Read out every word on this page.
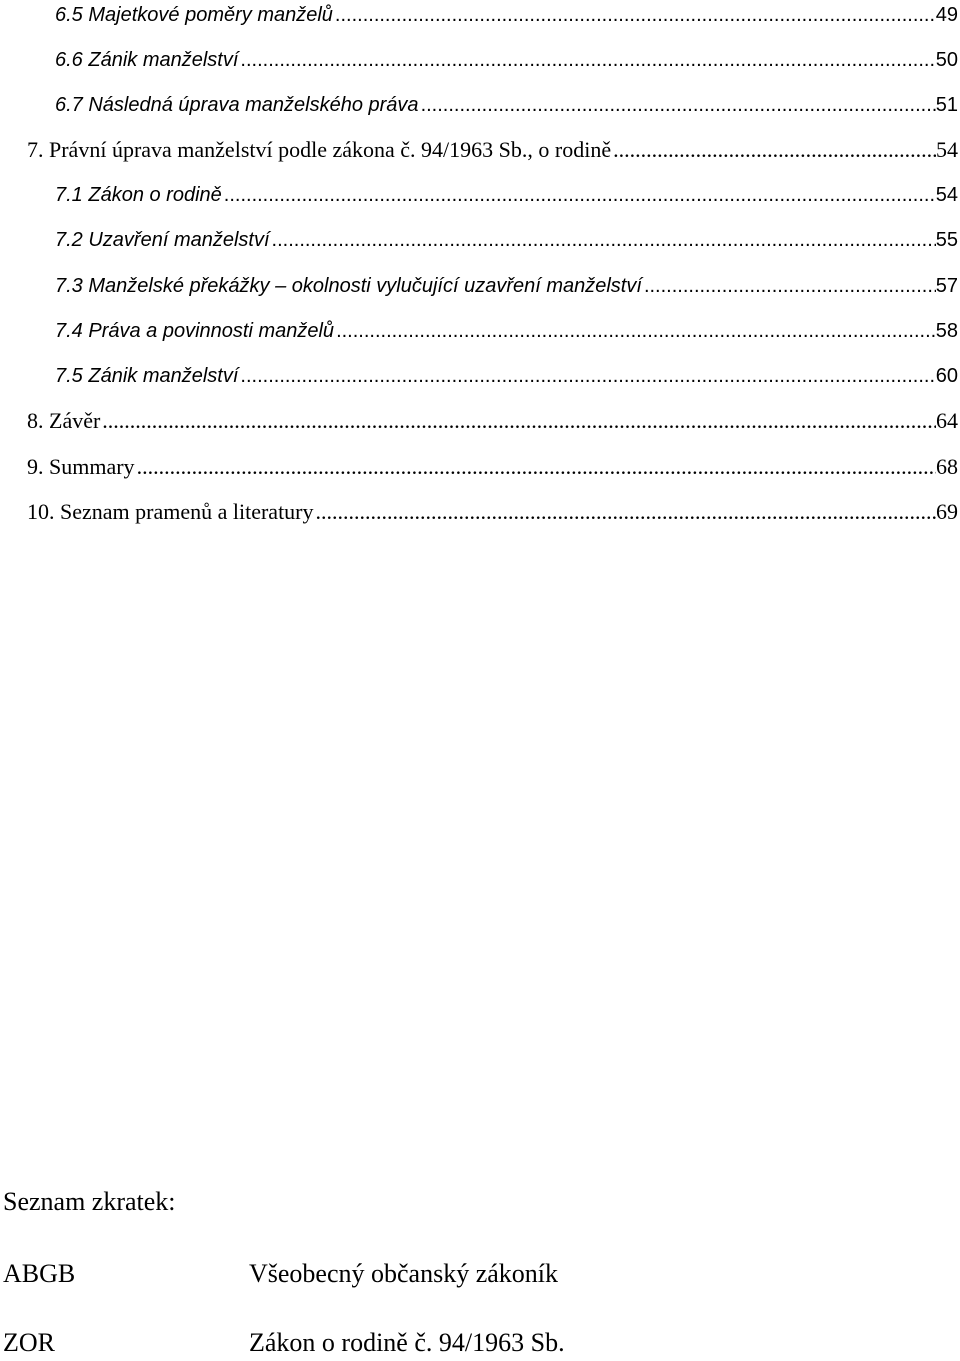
6.5 Majetkové poměry manželů .....	49
6.6 Zánik manželství .....	50
6.7 Následná úprava manželského práva .....	51
7. Právní úprava manželství podle zákona č. 94/1963 Sb., o rodině .....	54
7.1 Zákon o rodině .....	54
7.2 Uzavření manželství .....	55
7.3 Manželské překážky – okolnosti vylučující uzavření manželství .....	57
7.4 Práva a povinnosti manželů .....	58
7.5 Zánik manželství .....	60
8. Závěr .....	64
9. Summary .....	68
10. Seznam pramenů a literatury .....	69
Seznam zkratek:
ABGB	Všeobecný občanský zákoník
ZOR	Zákon o rodině č. 94/1963 Sb.
